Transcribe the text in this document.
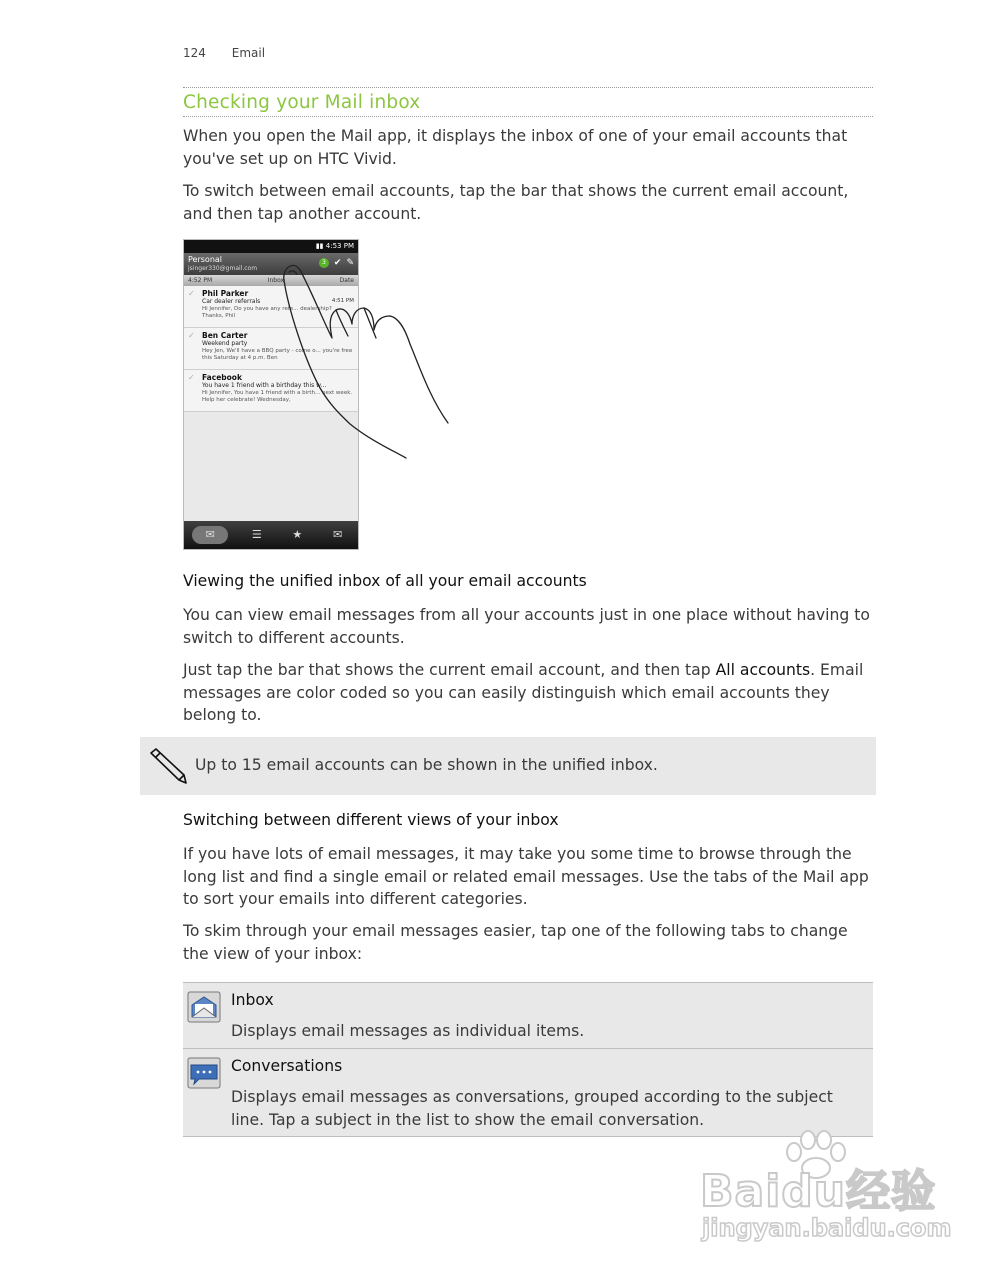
124 Email
Checking your Mail inbox

When you open the Mail app, it displays the inbox of one of your email accounts that you've set up on HTC Vivid.

To switch between email accounts, tap the bar that shows the current email account, and then tap another account.

▮▮ 4:53 PM
Personal
jsinger330@gmail.com
3 ✔ ✎
4:52 PM	Inbox	Date
✓ Phil Parker
Car dealer referrals
Hi Jennifer, Do you have any refe... dealership? Thanks, Phil
4:51 PM
✓ Ben Carter
Weekend party
Hey Jen, We'll have a BBQ party - come o... you're free this Saturday at 4 p.m. Ben
✓ Facebook
You have 1 friend with a birthday this w...
Hi Jennifer, You have 1 friend with a birth... next week. Help her celebrate! Wednesday,
✉	☰	★	✉
Viewing the unified inbox of all your email accounts

You can view email messages from all your accounts just in one place without having to switch to different accounts.

Just tap the bar that shows the current email account, and then tap All accounts. Email messages are color coded so you can easily distinguish which email accounts they belong to.

Up to 15 email accounts can be shown in the unified inbox.
Switching between different views of your inbox

If you have lots of email messages, it may take you some time to browse through the long list and find a single email or related email messages. Use the tabs of the Mail app to sort your emails into different categories.

To skim through your email messages easier, tap one of the following tabs to change the view of your inbox:

Inbox
Displays email messages as individual items.
Conversations
Displays email messages as conversations, grouped according to the subject line. Tap a subject in the list to show the email conversation.
Baidu经验
jingyan.baidu.com
